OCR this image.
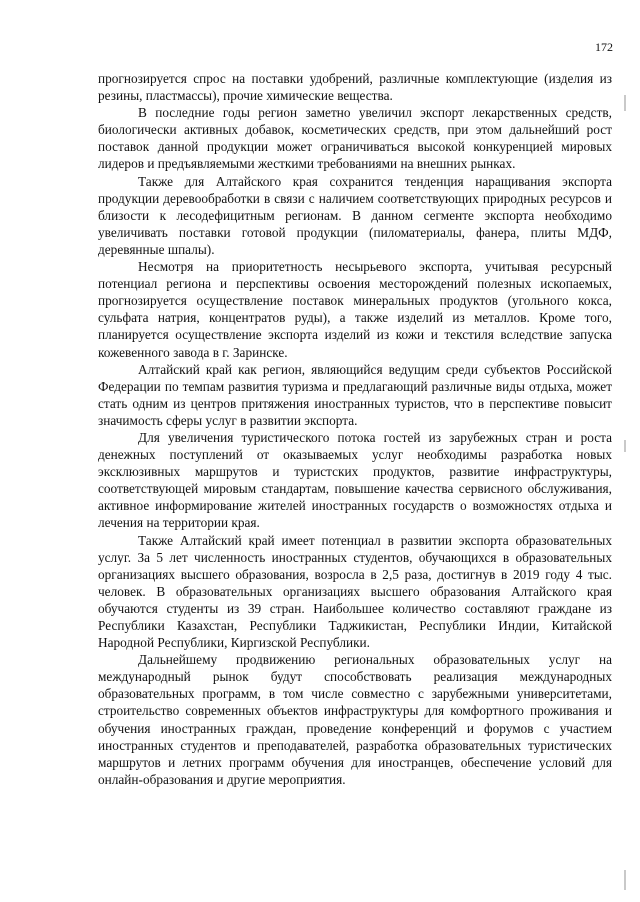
172

прогнозируется спрос на поставки удобрений, различные комплектующие (изделия из резины, пластмассы), прочие химические вещества.

В последние годы регион заметно увеличил экспорт лекарственных средств, биологически активных добавок, косметических средств, при этом дальнейший рост поставок данной продукции может ограничиваться высокой конкуренцией мировых лидеров и предъявляемыми жесткими требованиями на внешних рынках.

Также для Алтайского края сохранится тенденция наращивания экспорта продукции деревообработки в связи с наличием соответствующих природных ресурсов и близости к лесодефицитным регионам. В данном сегменте экспорта необходимо увеличивать поставки готовой продукции (пиломатериалы, фанера, плиты МДФ, деревянные шпалы).

Несмотря на приоритетность несырьевого экспорта, учитывая ресурсный потенциал региона и перспективы освоения месторождений полезных ископаемых, прогнозируется осуществление поставок минеральных продуктов (угольного кокса, сульфата натрия, концентратов руды), а также изделий из металлов. Кроме того, планируется осуществление экспорта изделий из кожи и текстиля вследствие запуска кожевенного завода в г. Заринске.

Алтайский край как регион, являющийся ведущим среди субъектов Российской Федерации по темпам развития туризма и предлагающий различные виды отдыха, может стать одним из центров притяжения иностранных туристов, что в перспективе повысит значимость сферы услуг в развитии экспорта.

Для увеличения туристического потока гостей из зарубежных стран и роста денежных поступлений от оказываемых услуг необходимы разработка новых эксклюзивных маршрутов и туристских продуктов, развитие инфраструктуры, соответствующей мировым стандартам, повышение качества сервисного обслуживания, активное информирование жителей иностранных государств о возможностях отдыха и лечения на территории края.

Также Алтайский край имеет потенциал в развитии экспорта образовательных услуг. За 5 лет численность иностранных студентов, обучающихся в образовательных организациях высшего образования, возросла в 2,5 раза, достигнув в 2019 году 4 тыс. человек. В образовательных организациях высшего образования Алтайского края обучаются студенты из 39 стран. Наибольшее количество составляют граждане из Республики Казахстан, Республики Таджикистан, Республики Индии, Китайской Народной Республики, Киргизской Республики.

Дальнейшему продвижению региональных образовательных услуг на международный рынок будут способствовать реализация международных образовательных программ, в том числе совместно с зарубежными университетами, строительство современных объектов инфраструктуры для комфортного проживания и обучения иностранных граждан, проведение конференций и форумов с участием иностранных студентов и преподавателей, разработка образовательных туристических маршрутов и летних программ обучения для иностранцев, обеспечение условий для онлайн-образования и другие мероприятия.
